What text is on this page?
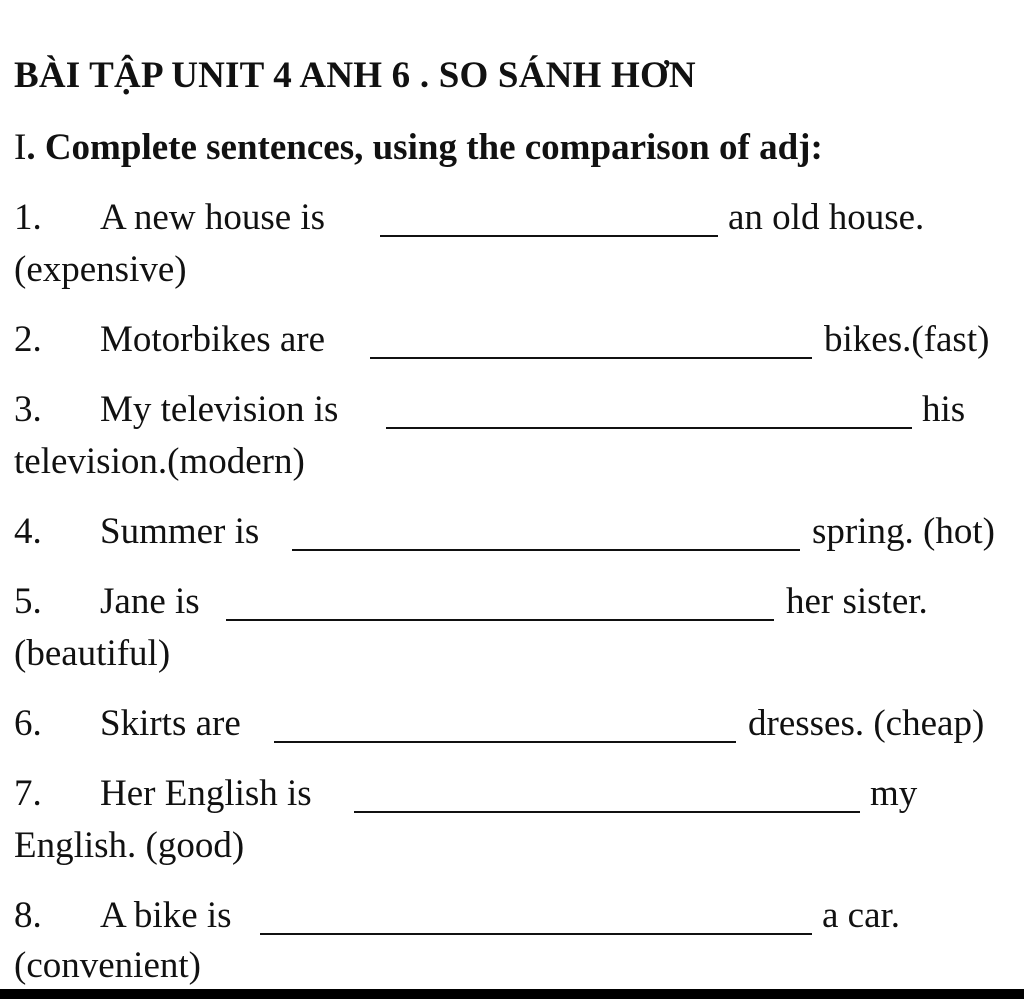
BÀI TẬP UNIT 4 ANH 6 . SO SÁNH HƠN
I. Complete sentences, using the comparison of adj:
1. A new house is	an old house.
(expensive)
2. Motorbikes are	bikes.(fast)
3. My television is	his
television.(modern)
4. Summer is	spring. (hot)
5. Jane is	her sister.
(beautiful)
6. Skirts are	dresses. (cheap)
7. Her English is	my
English. (good)
8. A bike is	a car.
(convenient)
